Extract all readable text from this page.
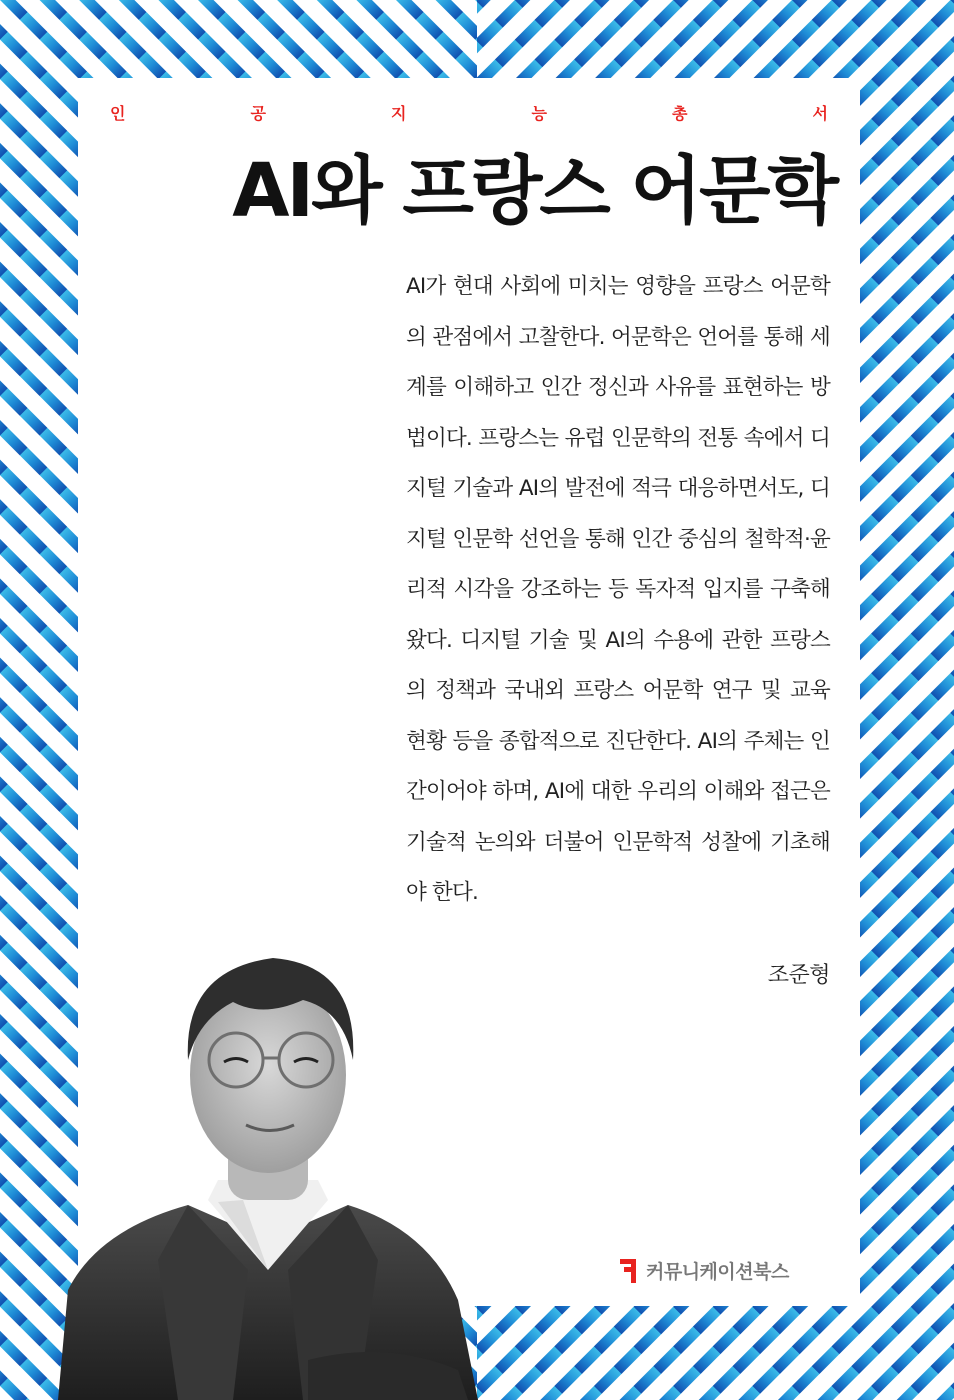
인	공	지	능	총	서
AI와 프랑스 어문학
AI가 현대 사회에 미치는 영향을 프랑스 어문학의 관점에서 고찰한다. 어문학은 언어를 통해 세계를 이해하고 인간 정신과 사유를 표현하는 방법이다. 프랑스는 유럽 인문학의 전통 속에서 디지털 기술과 AI의 발전에 적극 대응하면서도, 디지털 인문학 선언을 통해 인간 중심의 철학적·윤리적 시각을 강조하는 등 독자적 입지를 구축해 왔다. 디지털 기술 및 AI의 수용에 관한 프랑스의 정책과 국내외 프랑스 어문학 연구 및 교육 현황 등을 종합적으로 진단한다. AI의 주체는 인간이어야 하며, AI에 대한 우리의 이해와 접근은 기술적 논의와 더불어 인문학적 성찰에 기초해야 한다.
조준형
커뮤니케이션북스
